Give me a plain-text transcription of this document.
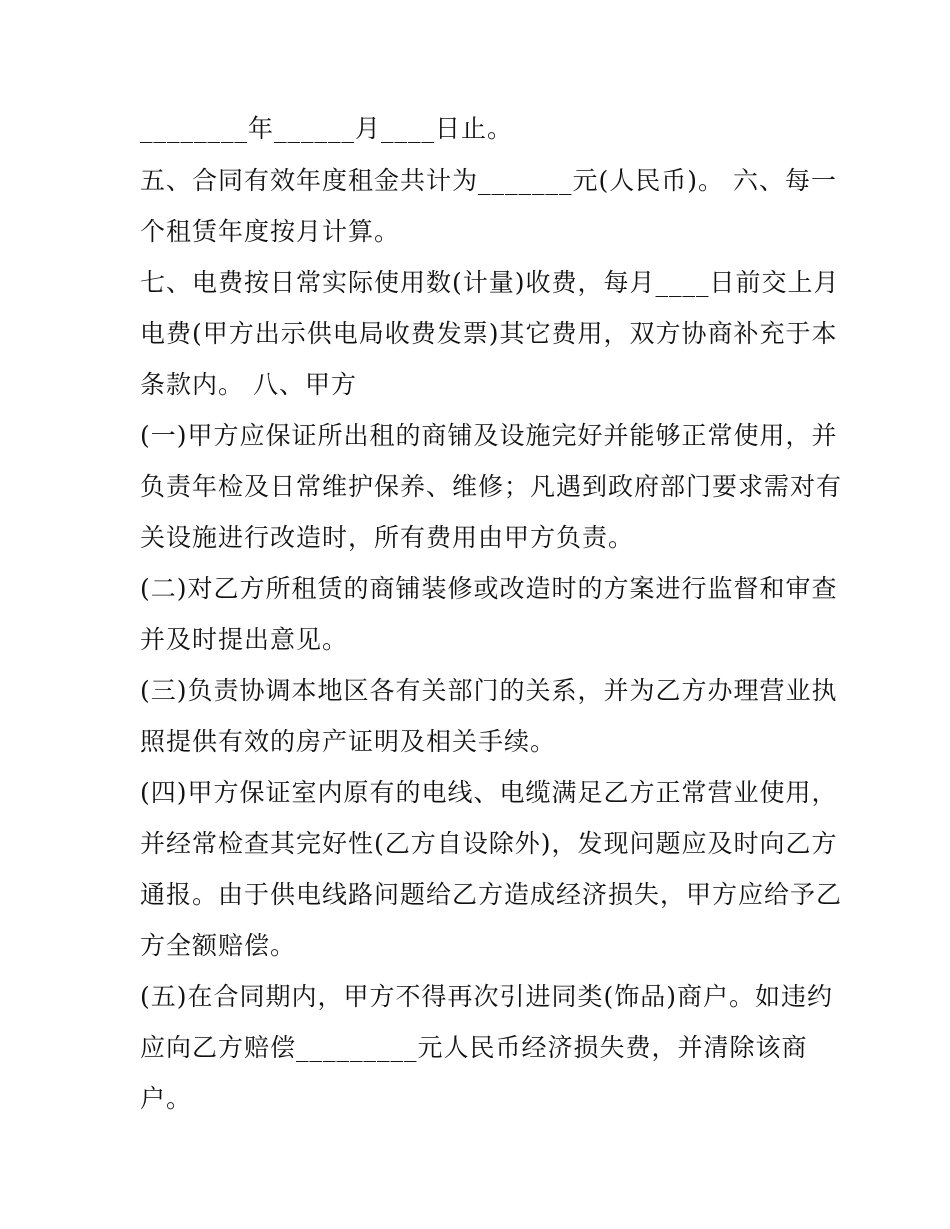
________年______月____日止。
五、合同有效年度租金共计为_______元(人民币)。 六、每一
个租赁年度按月计算。
七、电费按日常实际使用数(计量)收费，每月____日前交上月
电费(甲方出示供电局收费发票)其它费用，双方协商补充于本
条款内。 八、甲方
(一)甲方应保证所出租的商铺及设施完好并能够正常使用，并
负责年检及日常维护保养、维修；凡遇到政府部门要求需对有
关设施进行改造时，所有费用由甲方负责。
(二)对乙方所租赁的商铺装修或改造时的方案进行监督和审查
并及时提出意见。
(三)负责协调本地区各有关部门的关系，并为乙方办理营业执
照提供有效的房产证明及相关手续。
(四)甲方保证室内原有的电线、电缆满足乙方正常营业使用，
并经常检查其完好性(乙方自设除外)，发现问题应及时向乙方
通报。由于供电线路问题给乙方造成经济损失，甲方应给予乙
方全额赔偿。
(五)在合同期内，甲方不得再次引进同类(饰品)商户。如违约
应向乙方赔偿_________元人民币经济损失费，并清除该商
户。
